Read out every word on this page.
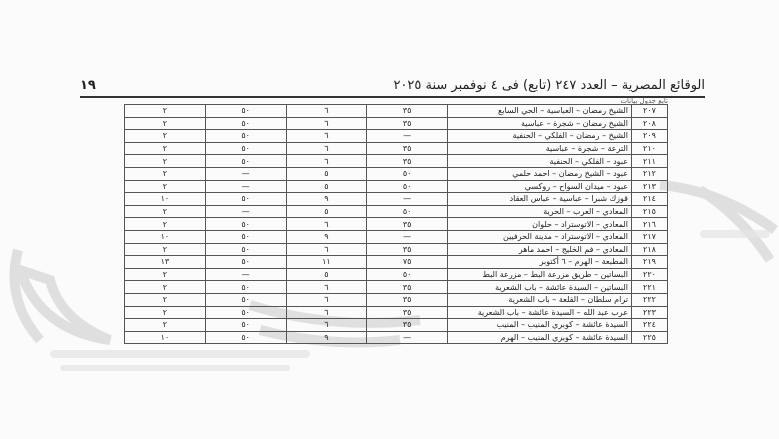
الوقائع المصرية – العدد ٢٤٧ (تابع) فى ٤ نوفمبر سنة ٢٠٢٥
١٩
تابع جدول بيانات
٢٠٧	الشيخ رمضان – العباسية – الحي السابع	٣٥	٦	٥٠	٢
٢٠٨	الشيخ رمضان – شجرة – عباسية	٣٥	٦	٥٠	٢
٢٠٩	الشيخ – رمضان – الفلكي – الحنفية	—	٦	٥٠	٢
٢١٠	الترعة – شجرة – عباسية	٣٥	٦	٥٠	٢
٢١١	عبود – الفلكي – الحنفية	٣٥	٦	٥٠	٢
٢١٢	عبود – الشيخ رمضان – احمد حلمي	٥٠	٥	—	٢
٢١٣	عبود – ميدان السواح – روكسي	٥٠	٥	—	٢
٢١٤	قوزك شبرا – عباسية – عباس العقاد	—	٩	٥٠	١٠
٢١٥	المعادي – العرب – الحرية	٥٠	٥	—	٢
٢١٦	المعادي – الاتوستراد – حلوان	٣٥	٦	٥٠	٢
٢١٧	المعادي – الاتوستراد – مدينة الحرفيين	—	٩	٥٠	١٠
٢١٨	المعادي – فم الخليج – احمد ماهر	٣٥	٦	٥٠	٢
٢١٩	المطبعة – الهرم – ٦ أكتوبر	٧٥	١١	٥٠	١٣
٢٢٠	البساتين – طريق مزرعة البط – مزرعة البط	٥٠	٥	—	٢
٢٢١	البساتين – السيدة عائشة – باب الشعرية	٣٥	٦	٥٠	٢
٢٢٢	ترام سلطان – القلعة – باب الشعرية	٣٥	٦	٥٠	٢
٢٢٣	عرب عبد الله – السيدة عائشة – باب الشعرية	٣٥	٦	٥٠	٢
٢٢٤	السيدة عائشة – كوبري المنيب – المنيب	٣٥	٦	٥٠	٢
٢٢٥	السيدة عائشة – كوبري المنيب – الهرم	—	٩	٥٠	١٠
